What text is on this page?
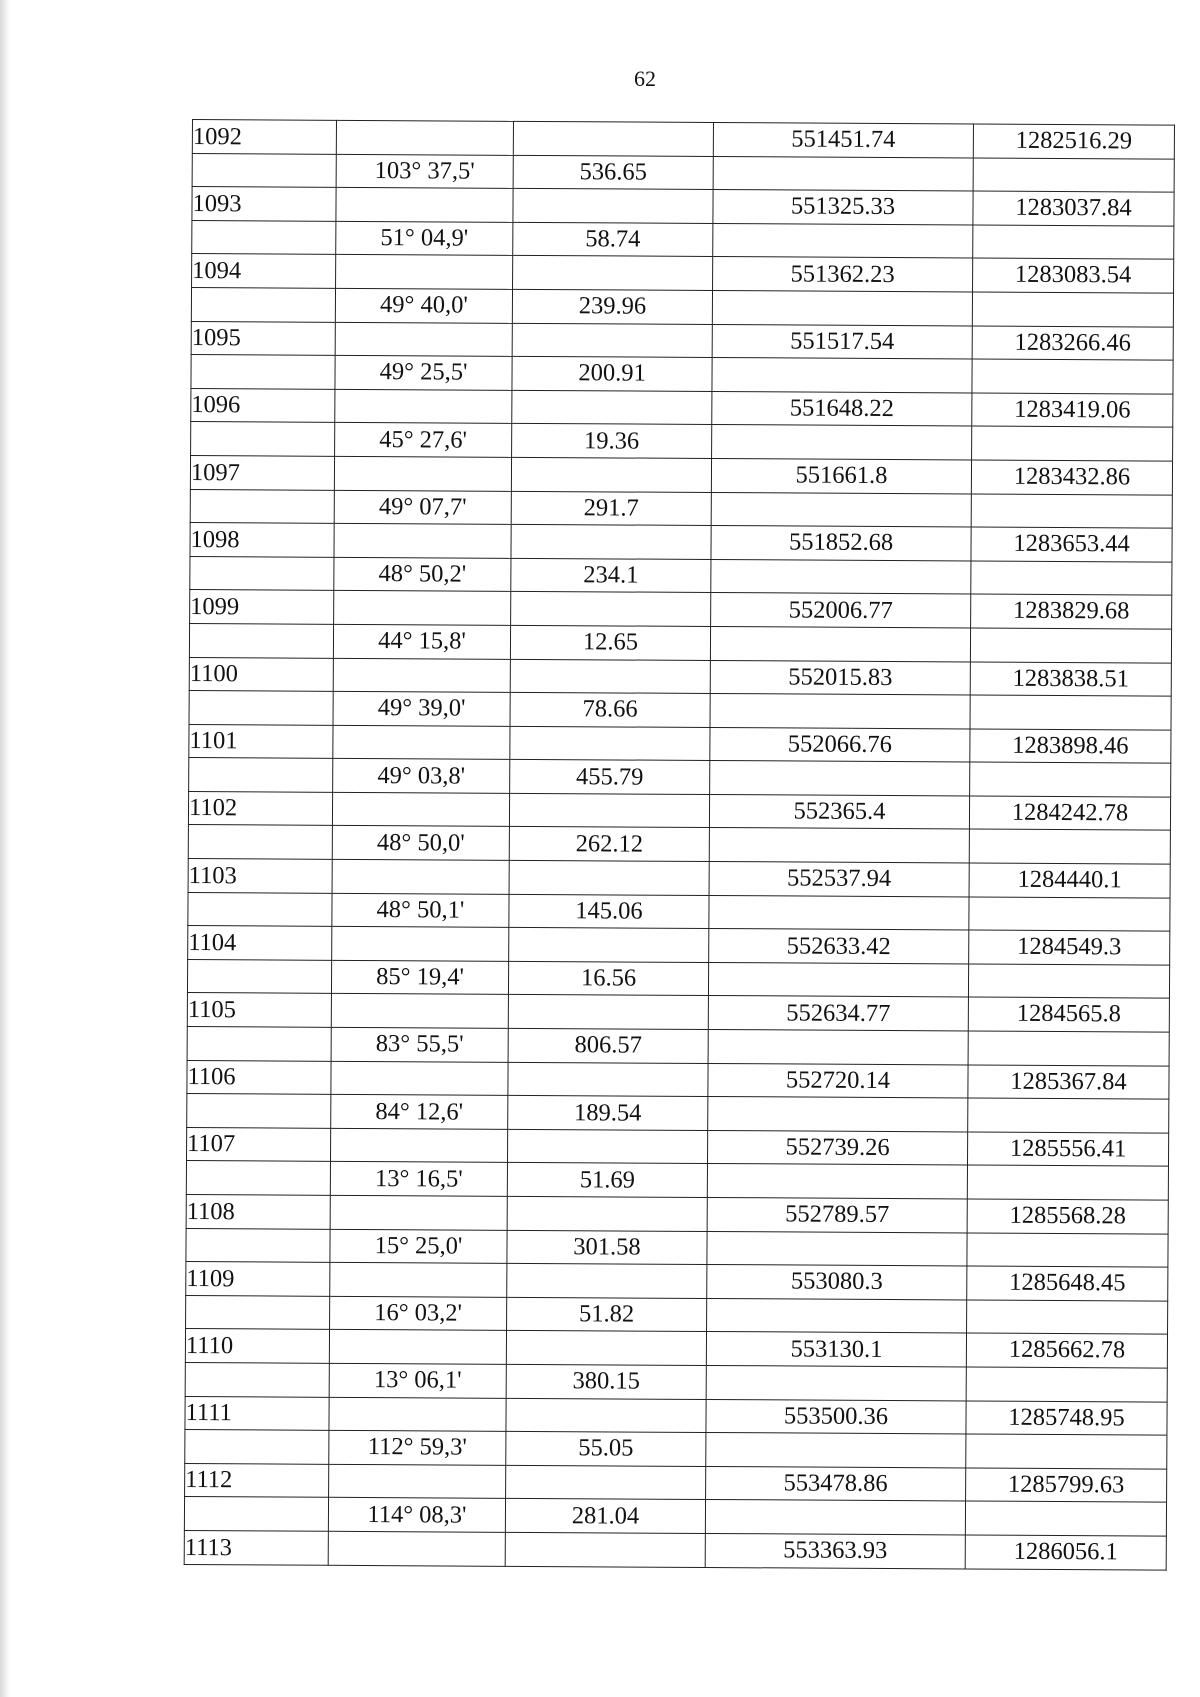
62
1092			551451.74	1282516.29
	103° 37,5'	536.65		
1093			551325.33	1283037.84
	51° 04,9'	58.74		
1094			551362.23	1283083.54
	49° 40,0'	239.96		
1095			551517.54	1283266.46
	49° 25,5'	200.91		
1096			551648.22	1283419.06
	45° 27,6'	19.36		
1097			551661.8	1283432.86
	49° 07,7'	291.7		
1098			551852.68	1283653.44
	48° 50,2'	234.1		
1099			552006.77	1283829.68
	44° 15,8'	12.65		
1100			552015.83	1283838.51
	49° 39,0'	78.66		
1101			552066.76	1283898.46
	49° 03,8'	455.79		
1102			552365.4	1284242.78
	48° 50,0'	262.12		
1103			552537.94	1284440.1
	48° 50,1'	145.06		
1104			552633.42	1284549.3
	85° 19,4'	16.56		
1105			552634.77	1284565.8
	83° 55,5'	806.57		
1106			552720.14	1285367.84
	84° 12,6'	189.54		
1107			552739.26	1285556.41
	13° 16,5'	51.69		
1108			552789.57	1285568.28
	15° 25,0'	301.58		
1109			553080.3	1285648.45
	16° 03,2'	51.82		
1110			553130.1	1285662.78
	13° 06,1'	380.15		
1111			553500.36	1285748.95
	112° 59,3'	55.05		
1112			553478.86	1285799.63
	114° 08,3'	281.04		
1113			553363.93	1286056.1
